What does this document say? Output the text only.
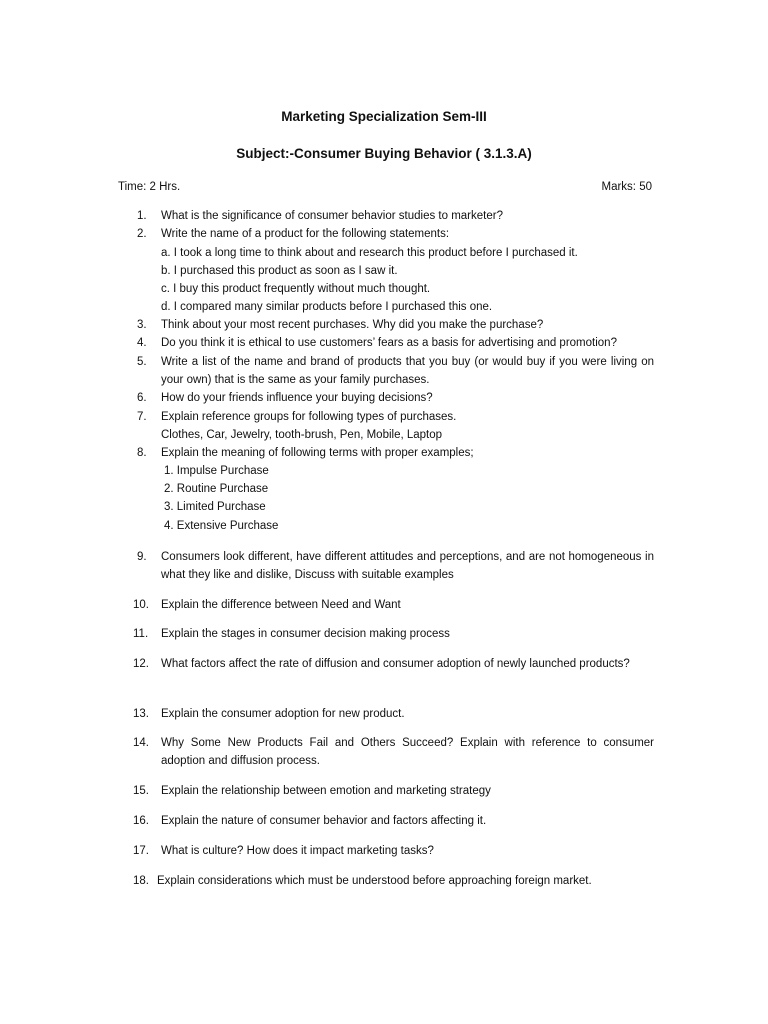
Marketing Specialization Sem-III
Subject:-Consumer Buying Behavior ( 3.1.3.A)
Time: 2 Hrs.	Marks: 50
1.	What is the significance of consumer behavior studies to marketer?
2.	Write the name of a product for the following statements:
a. I took a long time to think about and research this product before I purchased it.
b. I purchased this product as soon as I saw it.
c. I buy this product frequently without much thought.
d. I compared many similar products before I purchased this one.
3.	Think about your most recent purchases. Why did you make the purchase?
4.	Do you think it is ethical to use customers’ fears as a basis for advertising and promotion?
5.	Write a list of the name and brand of products that you buy (or would buy if you were living on your own) that is the same as your family purchases.
6.	How do your friends influence your buying decisions?
7.	Explain reference groups for following types of purchases.
Clothes, Car, Jewelry, tooth-brush, Pen, Mobile, Laptop
8.	Explain the meaning of following terms with proper examples;
1. Impulse Purchase
2. Routine Purchase
3. Limited Purchase
4. Extensive Purchase
9.	Consumers look different, have different attitudes and perceptions, and are not homogeneous in what they like and dislike, Discuss with suitable examples
10.	Explain the difference between Need and Want
11.	Explain the stages in consumer decision making process
12.	What factors affect the rate of diffusion and consumer adoption of newly launched products?
13.	Explain the consumer adoption for new product.
14.	Why Some New Products Fail and Others Succeed? Explain with reference to consumer adoption and diffusion process.
15.	Explain the relationship between emotion and marketing strategy
16.	Explain the nature of consumer behavior and factors affecting it.
17.	What is culture? How does it impact marketing tasks?
18. Explain considerations which must be understood before approaching foreign market.
